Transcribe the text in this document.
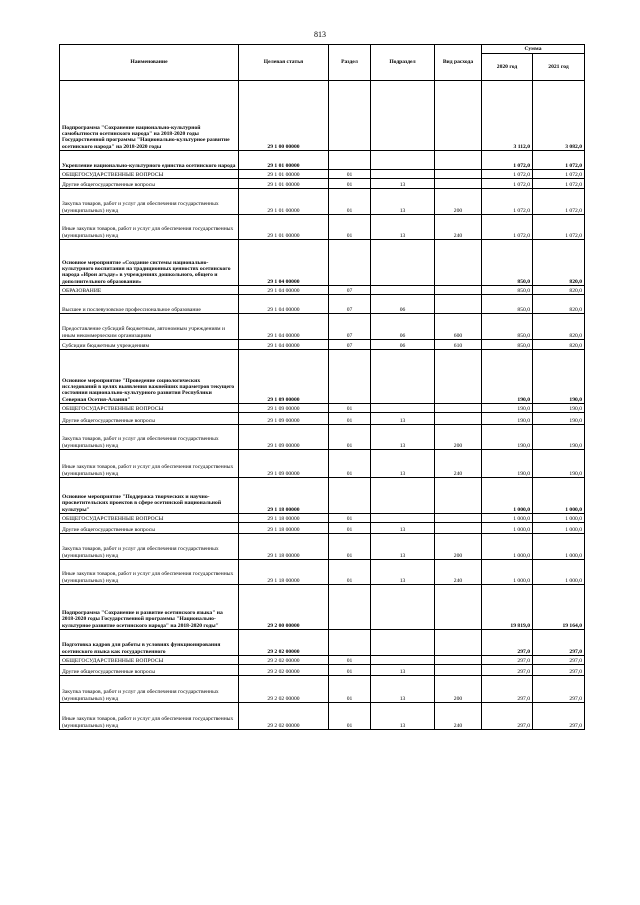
813
Наименование	Целевая статья	Раздел	Подраздел	Вид расхода	Сумма	
					2020 год	2021 год
Подпрограмма "Сохранение национально-культурной самобытности осетинского народа" на 2018-2020 годы Государственной программы "Национально-культурное развитие осетинского народа" на 2018-2020 годы	29 1 00 00000				3 112,0	3 082,0
Укрепление национально-культурного единства осетинского народа	29 1 01 00000				1 072,0	1 072,0
ОБЩЕГОСУДАРСТВЕННЫЕ ВОПРОСЫ	29 1 01 00000	01			1 072,0	1 072,0
Другие общегосударственные вопросы	29 1 01 00000	01	13		1 072,0	1 072,0
Закупка товаров, работ и услуг для обеспечения государственных (муниципальных) нужд	29 1 01 00000	01	13	200	1 072,0	1 072,0
Иные закупки товаров, работ и услуг для обеспечения государственных (муниципальных) нужд	29 1 01 00000	01	13	240	1 072,0	1 072,0
Основное мероприятие «Создание системы национально-культурного воспитания на традиционных ценностях осетинского народа «Ирон агъдау» в учреждениях дошкольного, общего и дополнительного образования»	29 1 04 00000				850,0	820,0
ОБРАЗОВАНИЕ	29 1 04 00000	07			850,0	820,0
Высшее и послевузовское профессиональное образование	29 1 04 00000	07	06		850,0	820,0
Предоставление субсидий бюджетным, автономным учреждениям и иным некоммерческим организациям	29 1 04 00000	07	06	600	850,0	820,0
Субсидии бюджетным учреждениям	29 1 04 00000	07	06	610	850,0	820,0
Основное мероприятие "Проведение социологических исследований в целях выявления важнейших параметров текущего состояния национально-культурного развития Республики Северная Осетия-Алания"	29 1 09 00000				190,0	190,0
ОБЩЕГОСУДАРСТВЕННЫЕ ВОПРОСЫ	29 1 09 00000	01			190,0	190,0
Другие общегосударственные вопросы	29 1 09 00000	01	13		190,0	190,0
Закупка товаров, работ и услуг для обеспечения государственных (муниципальных) нужд	29 1 09 00000	01	13	200	190,0	190,0
Иные закупки товаров, работ и услуг для обеспечения государственных (муниципальных) нужд	29 1 09 00000	01	13	240	190,0	190,0
Основное мероприятие "Поддержка творческих и научно-просветительских проектов в сфере осетинской национальной культуры"	29 1 18 00000				1 000,0	1 000,0
ОБЩЕГОСУДАРСТВЕННЫЕ ВОПРОСЫ	29 1 18 00000	01			1 000,0	1 000,0
Другие общегосударственные вопросы	29 1 18 00000	01	13		1 000,0	1 000,0
Закупка товаров, работ и услуг для обеспечения государственных (муниципальных) нужд	29 1 18 00000	01	13	200	1 000,0	1 000,0
Иные закупки товаров, работ и услуг для обеспечения государственных (муниципальных) нужд	29 1 18 00000	01	13	240	1 000,0	1 000,0
Подпрограмма "Сохранение и развитие осетинского языка" на 2018-2020 годы Государственной программы "Национально-культурное развитие осетинского народа" на 2018-2020 годы"	29 2 00 00000				19 819,0	19 164,0
Подготовка кадров для работы в условиях функционирования осетинского языка как государственного	29 2 02 00000				297,0	297,0
ОБЩЕГОСУДАРСТВЕННЫЕ ВОПРОСЫ	29 2 02 00000	01			297,0	297,0
Другие общегосударственные вопросы	29 2 02 00000	01	13		297,0	297,0
Закупка товаров, работ и услуг для обеспечения государственных (муниципальных) нужд	29 2 02 00000	01	13	200	297,0	297,0
Иные закупки товаров, работ и услуг для обеспечения государственных (муниципальных) нужд	29 2 02 00000	01	13	240	297,0	297,0
